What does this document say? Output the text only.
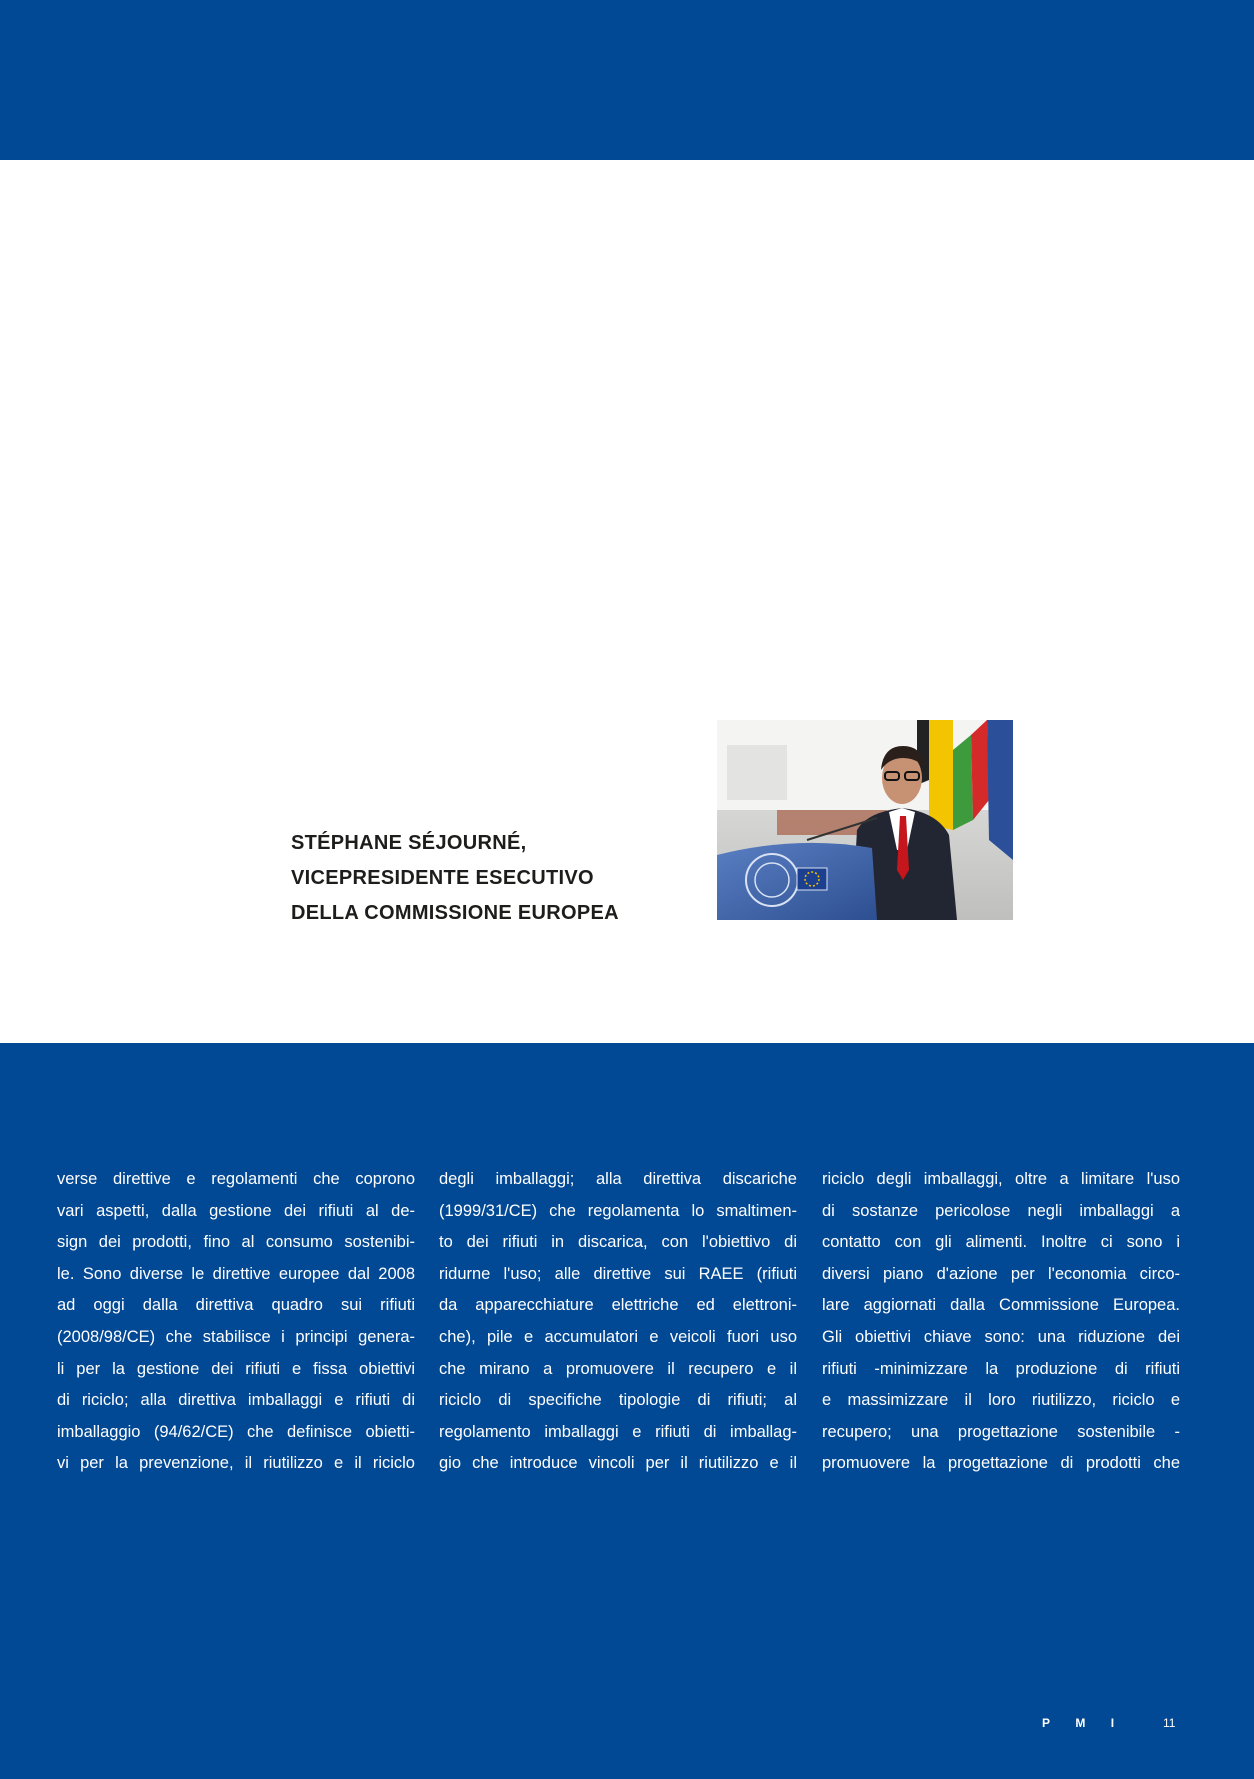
STÉPHANE SÉJOURNÉ,
VICEPRESIDENTE ESECUTIVO
DELLA COMMISSIONE EUROPEA
verse direttive e regolamenti che coprono
vari aspetti, dalla gestione dei rifiuti al de-
sign dei prodotti, fino al consumo sostenibi-
le. Sono diverse le direttive europee dal 2008
ad oggi dalla direttiva quadro sui rifiuti
(2008/98/CE) che stabilisce i principi genera-
li per la gestione dei rifiuti e fissa obiettivi
di riciclo; alla direttiva imballaggi e rifiuti di
imballaggio (94/62/CE) che definisce obietti-
vi per la prevenzione, il riutilizzo e il riciclo
degli imballaggi; alla direttiva discariche
(1999/31/CE) che regolamenta lo smaltimen-
to dei rifiuti in discarica, con l'obiettivo di
ridurne l'uso; alle direttive sui RAEE (rifiuti
da apparecchiature elettriche ed elettroni-
che), pile e accumulatori e veicoli fuori uso
che mirano a promuovere il recupero e il
riciclo di specifiche tipologie di rifiuti; al
regolamento imballaggi e rifiuti di imballag-
gio che introduce vincoli per il riutilizzo e il
riciclo degli imballaggi, oltre a limitare l'uso
di sostanze pericolose negli imballaggi a
contatto con gli alimenti. Inoltre ci sono i
diversi piano d'azione per l'economia circo-
lare aggiornati dalla Commissione Europea.
Gli obiettivi chiave sono: una riduzione dei
rifiuti -minimizzare la produzione di rifiuti
e massimizzare il loro riutilizzo, riciclo e
recupero; una progettazione sostenibile -
promuovere la progettazione di prodotti che
P M I	11
